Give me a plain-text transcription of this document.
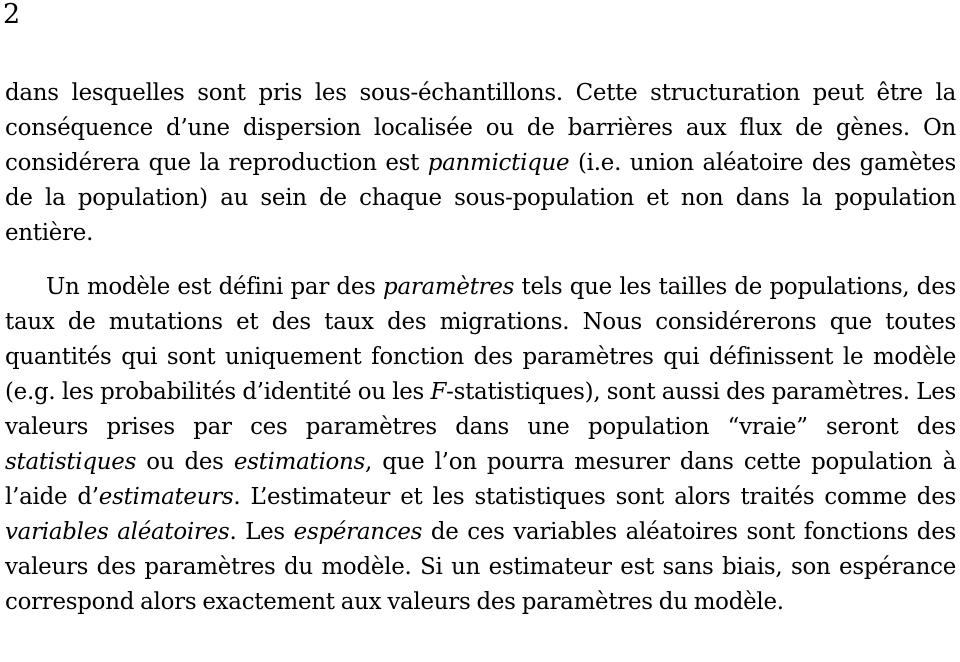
2

dans lesquelles sont pris les sous-échantillons. Cette structuration peut être la conséquence d’une dispersion localisée ou de barrières aux flux de gènes. On considérera que la reproduction est panmictique (i.e. union aléatoire des gamètes de la population) au sein de chaque sous-population et non dans la population entière.

Un modèle est défini par des paramètres tels que les tailles de populations, des taux de mutations et des taux des migrations. Nous considérerons que toutes quantités qui sont uniquement fonction des paramètres qui définissent le modèle (e.g. les probabilités d’identité ou les F-statistiques), sont aussi des paramètres. Les valeurs prises par ces paramètres dans une population “vraie” seront des statistiques ou des estimations, que l’on pourra mesurer dans cette population à l’aide d’estimateurs. L’estimateur et les statistiques sont alors traités comme des variables aléatoires. Les espérances de ces variables aléatoires sont fonctions des valeurs des paramètres du modèle. Si un estimateur est sans biais, son espérance correspond alors exactement aux valeurs des paramètres du modèle.
